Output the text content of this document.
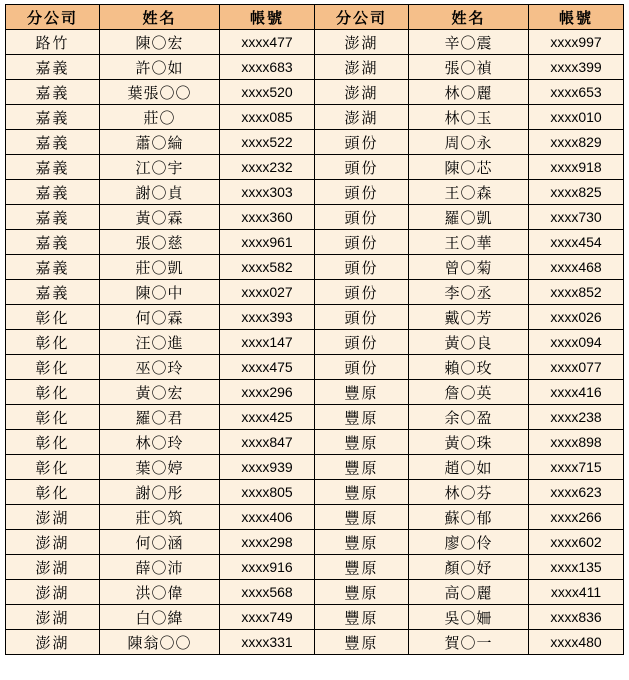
分公司	姓名	帳號	分公司	姓名	帳號
路竹	陳〇宏	xxxx477	澎湖	辛〇震	xxxx997
嘉義	許〇如	xxxx683	澎湖	張〇禎	xxxx399
嘉義	葉張〇〇	xxxx520	澎湖	林〇麗	xxxx653
嘉義	莊〇	xxxx085	澎湖	林〇玉	xxxx010
嘉義	蕭〇綸	xxxx522	頭份	周〇永	xxxx829
嘉義	江〇宇	xxxx232	頭份	陳〇芯	xxxx918
嘉義	謝〇貞	xxxx303	頭份	王〇森	xxxx825
嘉義	黃〇霖	xxxx360	頭份	羅〇凱	xxxx730
嘉義	張〇慈	xxxx961	頭份	王〇華	xxxx454
嘉義	莊〇凱	xxxx582	頭份	曾〇菊	xxxx468
嘉義	陳〇中	xxxx027	頭份	李〇丞	xxxx852
彰化	何〇霖	xxxx393	頭份	戴〇芳	xxxx026
彰化	汪〇進	xxxx147	頭份	黃〇良	xxxx094
彰化	巫〇玲	xxxx475	頭份	賴〇玫	xxxx077
彰化	黃〇宏	xxxx296	豐原	詹〇英	xxxx416
彰化	羅〇君	xxxx425	豐原	余〇盈	xxxx238
彰化	林〇玲	xxxx847	豐原	黃〇珠	xxxx898
彰化	葉〇婷	xxxx939	豐原	趙〇如	xxxx715
彰化	謝〇彤	xxxx805	豐原	林〇芬	xxxx623
澎湖	莊〇筑	xxxx406	豐原	蘇〇郁	xxxx266
澎湖	何〇涵	xxxx298	豐原	廖〇伶	xxxx602
澎湖	薛〇沛	xxxx916	豐原	顏〇妤	xxxx135
澎湖	洪〇偉	xxxx568	豐原	高〇麗	xxxx411
澎湖	白〇緯	xxxx749	豐原	吳〇姍	xxxx836
澎湖	陳翁〇〇	xxxx331	豐原	賀〇一	xxxx480
